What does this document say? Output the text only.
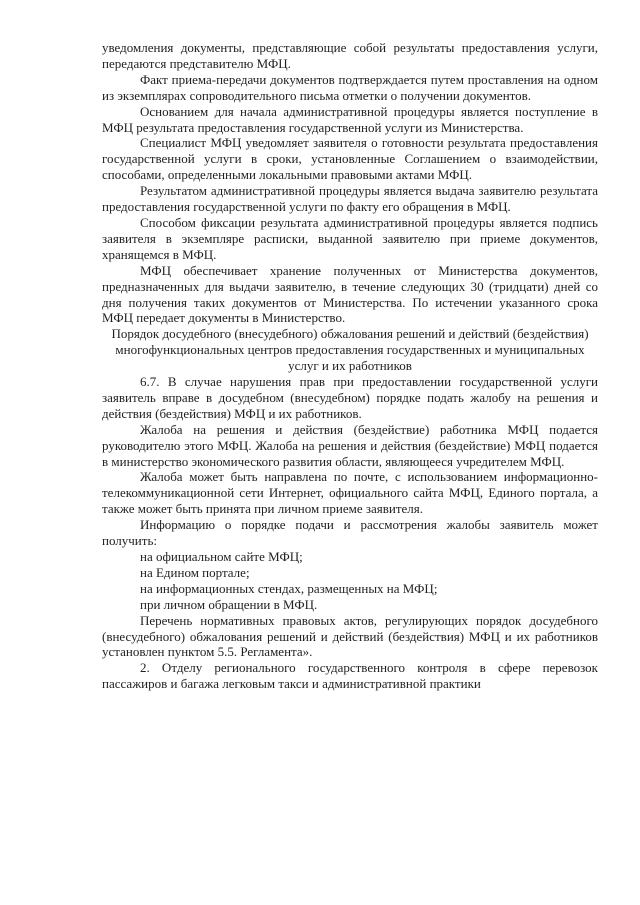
уведомления документы, представляющие собой результаты предоставления услуги, передаются представителю МФЦ.

Факт приема-передачи документов подтверждается путем проставления на одном из экземплярах сопроводительного письма отметки о получении документов.

Основанием для начала административной процедуры является поступление в МФЦ результата предоставления государственной услуги из Министерства.

Специалист МФЦ уведомляет заявителя о готовности результата предоставления государственной услуги в сроки, установленные Соглашением о взаимодействии, способами, определенными локальными правовыми актами МФЦ.

Результатом административной процедуры является выдача заявителю результата предоставления государственной услуги по факту его обращения в МФЦ.

Способом фиксации результата административной процедуры является подпись заявителя в экземпляре расписки, выданной заявителю при приеме документов, хранящемся в МФЦ.

МФЦ обеспечивает хранение полученных от Министерства документов, предназначенных для выдачи заявителю, в течение следующих 30 (тридцати) дней со дня получения таких документов от Министерства. По истечении указанного срока МФЦ передает документы в Министерство.

Порядок досудебного (внесудебного) обжалования решений и действий (бездействия) многофункциональных центров предоставления государственных и муниципальных услуг и их работников

6.7. В случае нарушения прав при предоставлении государственной услуги заявитель вправе в досудебном (внесудебном) порядке подать жалобу на решения и действия (бездействия) МФЦ и их работников.

Жалоба на решения и действия (бездействие) работника МФЦ подается руководителю этого МФЦ. Жалоба на решения и действия (бездействие) МФЦ подается в министерство экономического развития области, являющееся учредителем МФЦ.

Жалоба может быть направлена по почте, с использованием информационно-телекоммуникационной сети Интернет, официального сайта МФЦ, Единого портала, а также может быть принята при личном приеме заявителя.

Информацию о порядке подачи и рассмотрения жалобы заявитель может получить:

на официальном сайте МФЦ;

на Едином портале;

на информационных стендах, размещенных на МФЦ;

при личном обращении в МФЦ.

Перечень нормативных правовых актов, регулирующих порядок досудебного (внесудебного) обжалования решений и действий (бездействия) МФЦ и их работников установлен пунктом 5.5. Регламента».

2. Отделу регионального государственного контроля в сфере перевозок пассажиров и багажа легковым такси и административной практики
